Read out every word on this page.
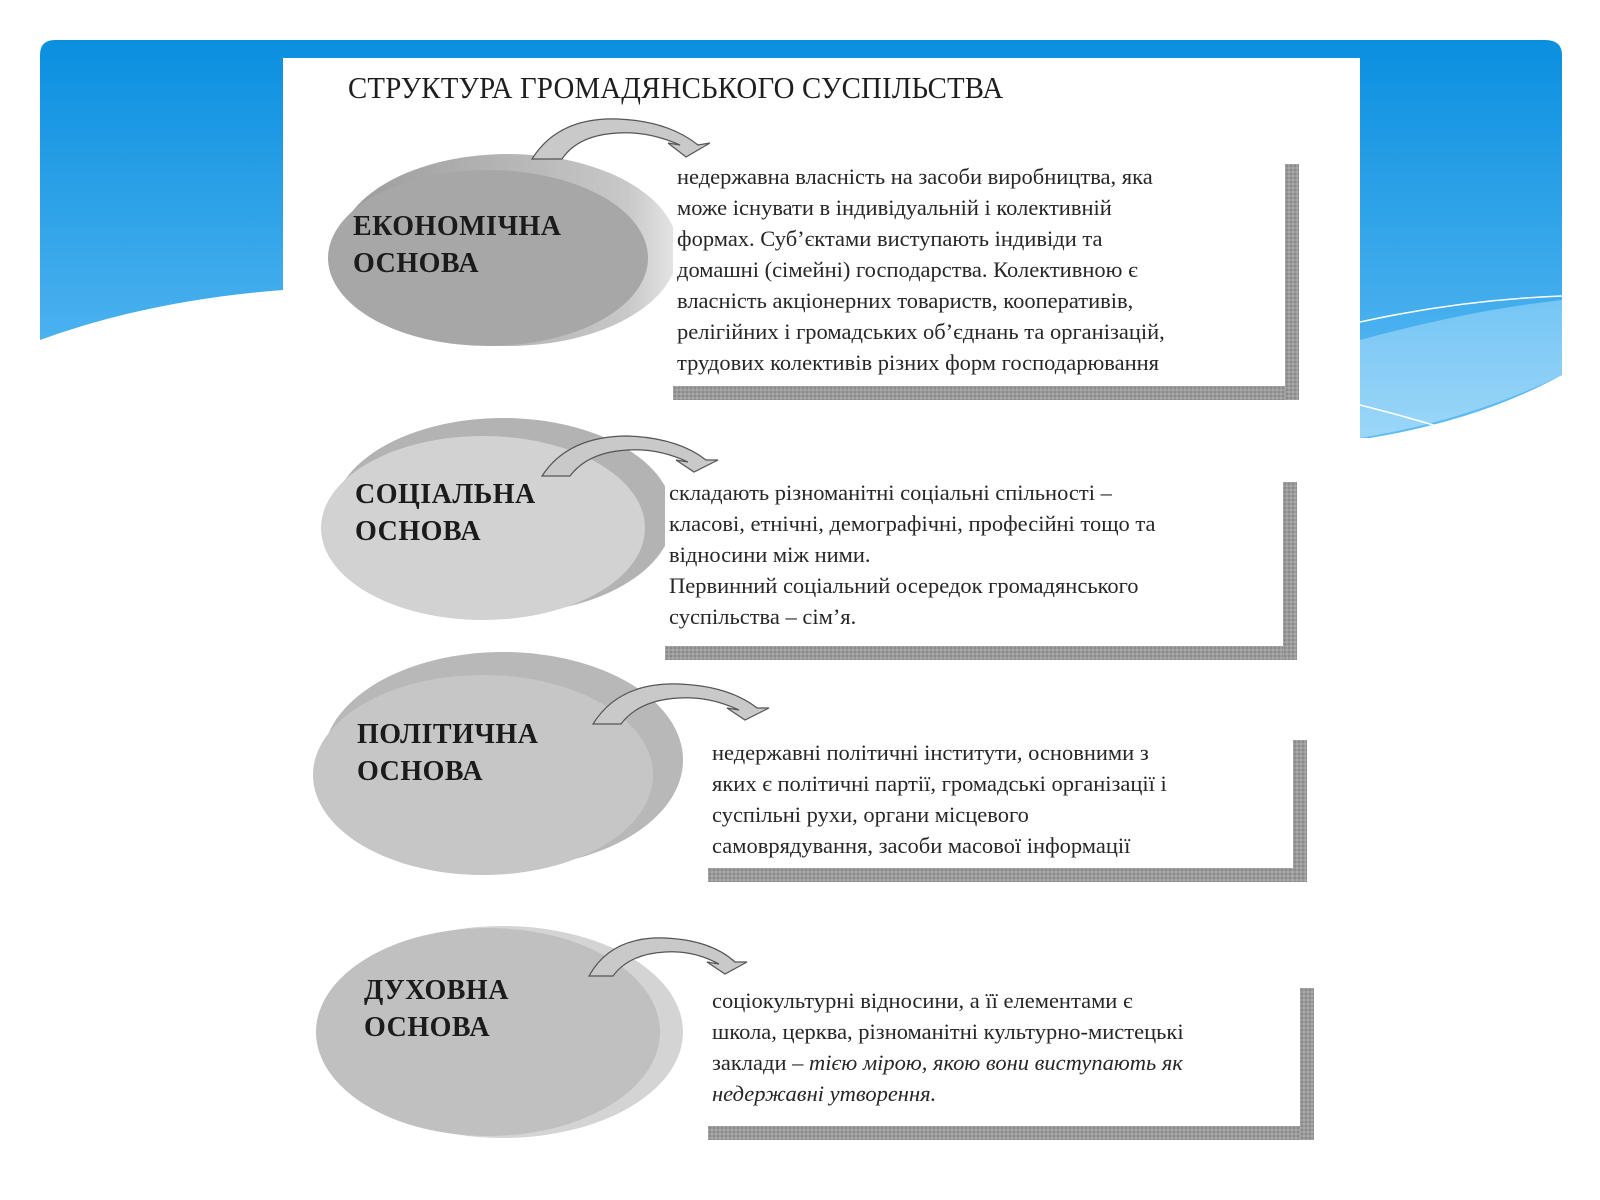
СТРУКТУРА ГРОМАДЯНСЬКОГО СУСПІЛЬСТВА
ЕКОНОМІЧНА
ОСНОВА
недержавна власність на засоби виробництва, яка
може існувати в індивідуальній і колективній
формах. Суб’єктами виступають індивіди та
домашні (сімейні) господарства. Колективною є
власність акціонерних товариств, кооперативів,
релігійних і громадських об’єднань та організацій,
трудових колективів різних форм господарювання
СОЦІАЛЬНА
ОСНОВА
складають різноманітні соціальні спільності –
класові, етнічні, демографічні, професійні тощо та
відносини між ними.
Первинний соціальний осередок громадянського
суспільства – сім’я.
ПОЛІТИЧНА
ОСНОВА
недержавні політичні інститути, основними з
яких є політичні партії, громадські організації і
суспільні рухи, органи місцевого
самоврядування, засоби масової інформації
ДУХОВНА
ОСНОВА
соціокультурні відносини, а її елементами є
школа, церква, різноманітні культурно-мистецькі
заклади – тією мірою, якою вони виступають як
недержавні утворення.
